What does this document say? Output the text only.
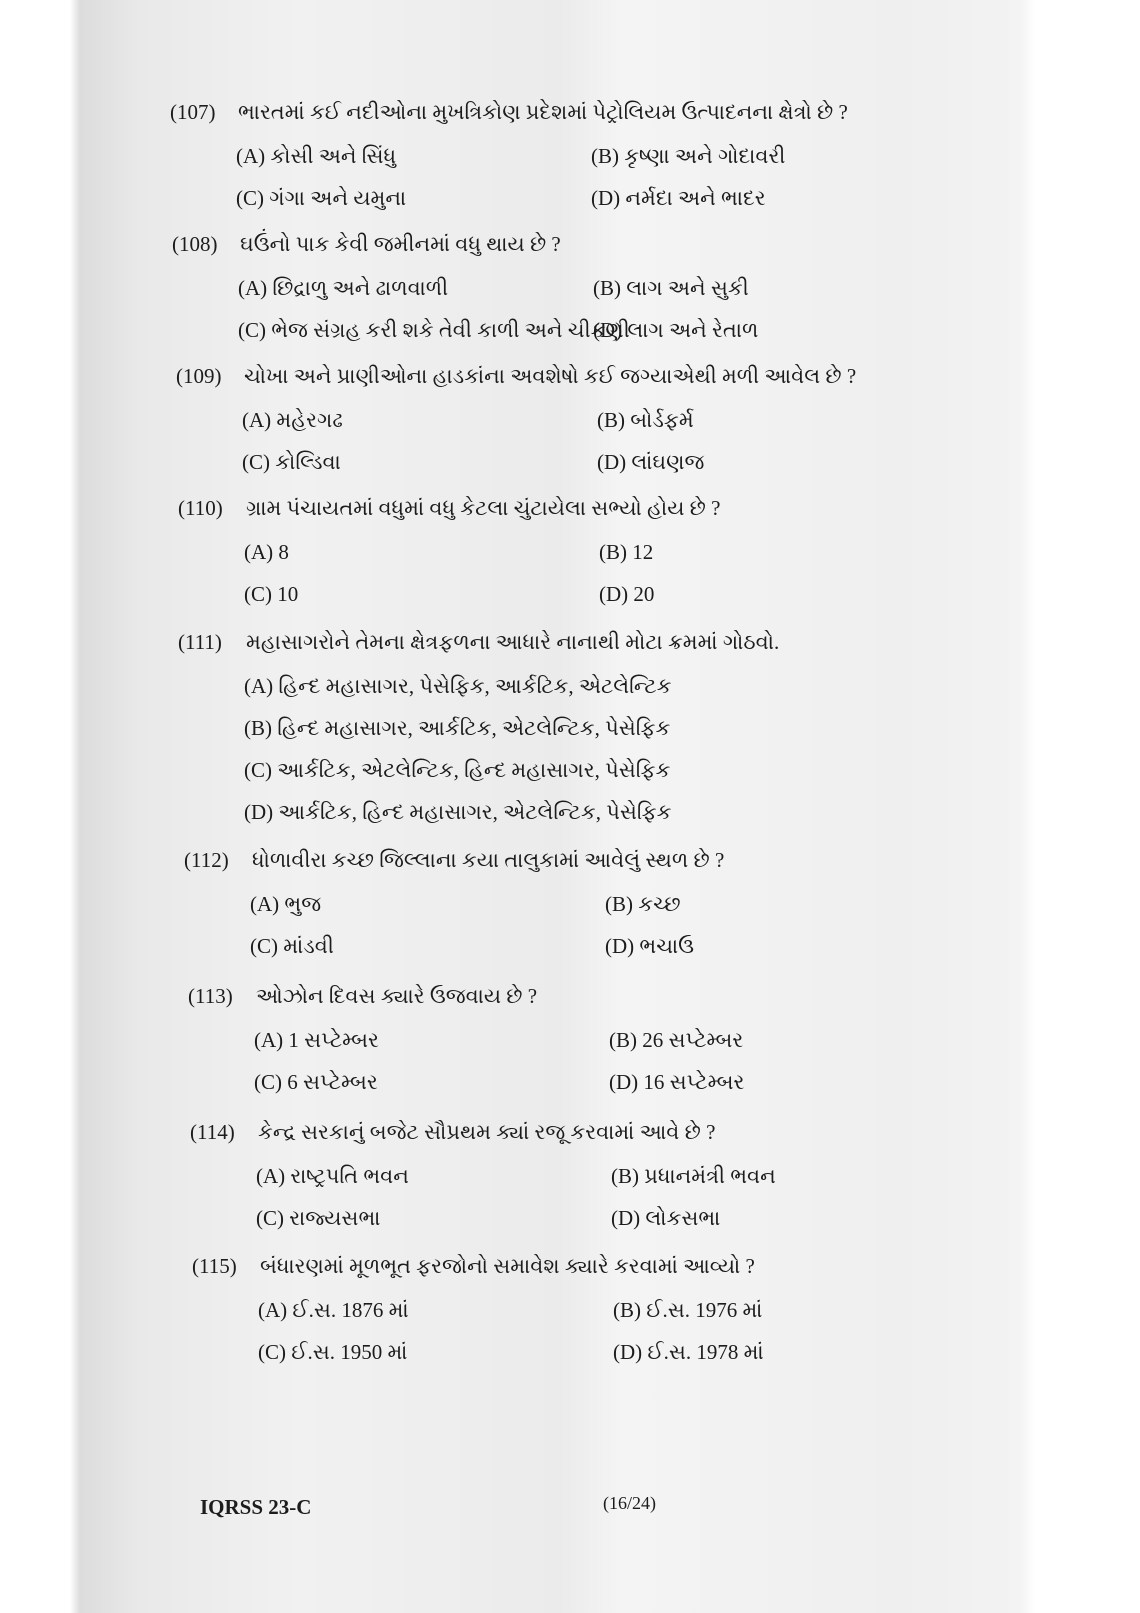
(107)	ભારતમાં કઈ નદીઓના મુખત્રિકોણ પ્રદેશમાં પેટ્રોલિયમ ઉત્પાદનના ક્ષેત્રો છે ?
(A) કોસી અને સિંધુ	(B) કૃષ્ણા અને ગોદાવરી
(C) ગંગા અને યમુના	(D) નર્મદા અને ભાદર
(108)	ઘઉંનો પાક કેવી જમીનમાં વધુ થાય છે ?
(A) છિદ્રાળુ અને ઢાળવાળી	(B) લાગ અને સુકી
(C) ભેજ સંગ્રહ કરી શકે તેવી કાળી અને ચીકણી
(D) લાગ અને રેતાળ
(109)	ચોખા અને પ્રાણીઓના હાડકાંના અવશેષો કઈ જગ્યાએથી મળી આવેલ છે ?
(A) મહેરગઢ	(B) બોર્ડફર્મ
(C) કોલ્ડિવા	(D) લાંઘણજ
(110)	ગ્રામ પંચાયતમાં વધુમાં વધુ કેટલા ચુંટાયેલા સભ્યો હોય છે ?
(A) 8	(B) 12
(C) 10	(D) 20
(111)	મહાસાગરોને તેમના ક્ષેત્રફળના આધારે નાનાથી મોટા ક્રમમાં ગોઠવો.
(A) હિન્દ મહાસાગર, પેસેફિક, આર્કટિક, એટલેન્ટિક
(B) હિન્દ મહાસાગર, આર્કટિક, એટલેન્ટિક, પેસેફિક
(C) આર્કટિક, એટલેન્ટિક, હિન્દ મહાસાગર, પેસેફિક
(D) આર્કટિક, હિન્દ મહાસાગર, એટલેન્ટિક, પેસેફિક
(112)	ધોળાવીરા કચ્છ જિલ્લાના કયા તાલુકામાં આવેલું સ્થળ છે ?
(A) ભુજ	(B) કચ્છ
(C) માંડવી	(D) ભચાઉ
(113)	ઓઝોન દિવસ ક્યારે ઉજવાય છે ?
(A) 1 સપ્ટેમ્બર	(B) 26 સપ્ટેમ્બર
(C) 6 સપ્ટેમ્બર	(D) 16 સપ્ટેમ્બર
(114)	કેન્દ્ર સરકાનું બજેટ સૌપ્રથમ ક્યાં રજૂ કરવામાં આવે છે ?
(A) રાષ્ટ્રપતિ ભવન	(B) પ્રધાનમંત્રી ભવન
(C) રાજ્યસભા	(D) લોકસભા
(115)	બંધારણમાં મૂળભૂત ફરજોનો સમાવેશ ક્યારે કરવામાં આવ્યો ?
(A) ઈ.સ. 1876 માં	(B) ઈ.સ. 1976 માં
(C) ઈ.સ. 1950 માં	(D) ઈ.સ. 1978 માં
IQRSS 23-C	(16/24)
